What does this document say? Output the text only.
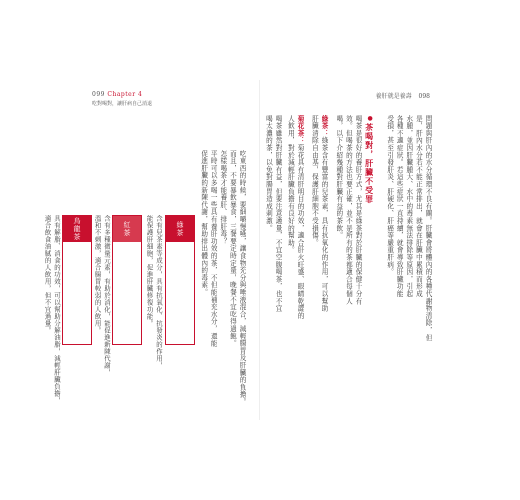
099 Chapter 4
吃對喝對，讓肝病自己消退
養肝就是養壽 098
問題與肝內的水分循環不良有關。肝臟會將體內的各種代謝物清除，但
是，肝內水分若不能正常排出，就會在肝臟中累積而形成
水腫，並因肝臟腫大、水中的毒素無法排除等原因，引起
各種不適症狀。若這些症狀一直持續，就會導致肝臟功能
受損，甚至引發肝炎、肝硬化、肝癌等嚴重肝病。
●茶喝對，肝臟不受罪
喝茶是很好的養肝方式，尤其是綠茶對於肝臟的保健十分有
效。但喝茶的方法也要正確，並不是所有的茶都適合每個人
喝，以下介紹幾種對肝臟有益的茶飲。
綠茶：綠茶含有豐富的兒茶素，具有抗氧化的作用，可以幫助
肝臟清除自由基，保護肝細胞不受損傷。
菊花茶：菊花具有清肝明目的功效，適合肝火旺盛、眼睛乾澀的
人飲用，對於減輕肝臟負擔有良好的幫助。
喝茶雖然對肝臟有益，但要注意適量，不宜空腹喝茶，也不宜
喝太濃的茶，以免對腸胃造成刺激。
吃東西的時候，要細嚼慢嚥，讓食物充分與唾液混合，減輕腸胃及肝臟的負擔。
而且，不要暴飲暴食，三餐要定時定量，晚餐不宜吃得過飽。
怎樣喝茶才能養肝、排肝毒？
平時可以多喝一些具有養肝功效的茶，不但能補充水分，還能
促進肝臟的新陳代謝，幫助排出體內的毒素。
綠茶
含有兒茶素等成分，具有抗氧化、抗發炎的作用，
能保護肝細胞，促進肝臟修復功能。
紅茶
含有多種微量元素，有助於消化，能促進新陳代謝，
溫和不刺激，適合腸胃較弱的人飲用。
烏龍茶
具有解脂、消食的功效，可以幫助分解油脂，減輕肝臟負擔，
適合飲食油膩的人飲用，但不宜過量。
